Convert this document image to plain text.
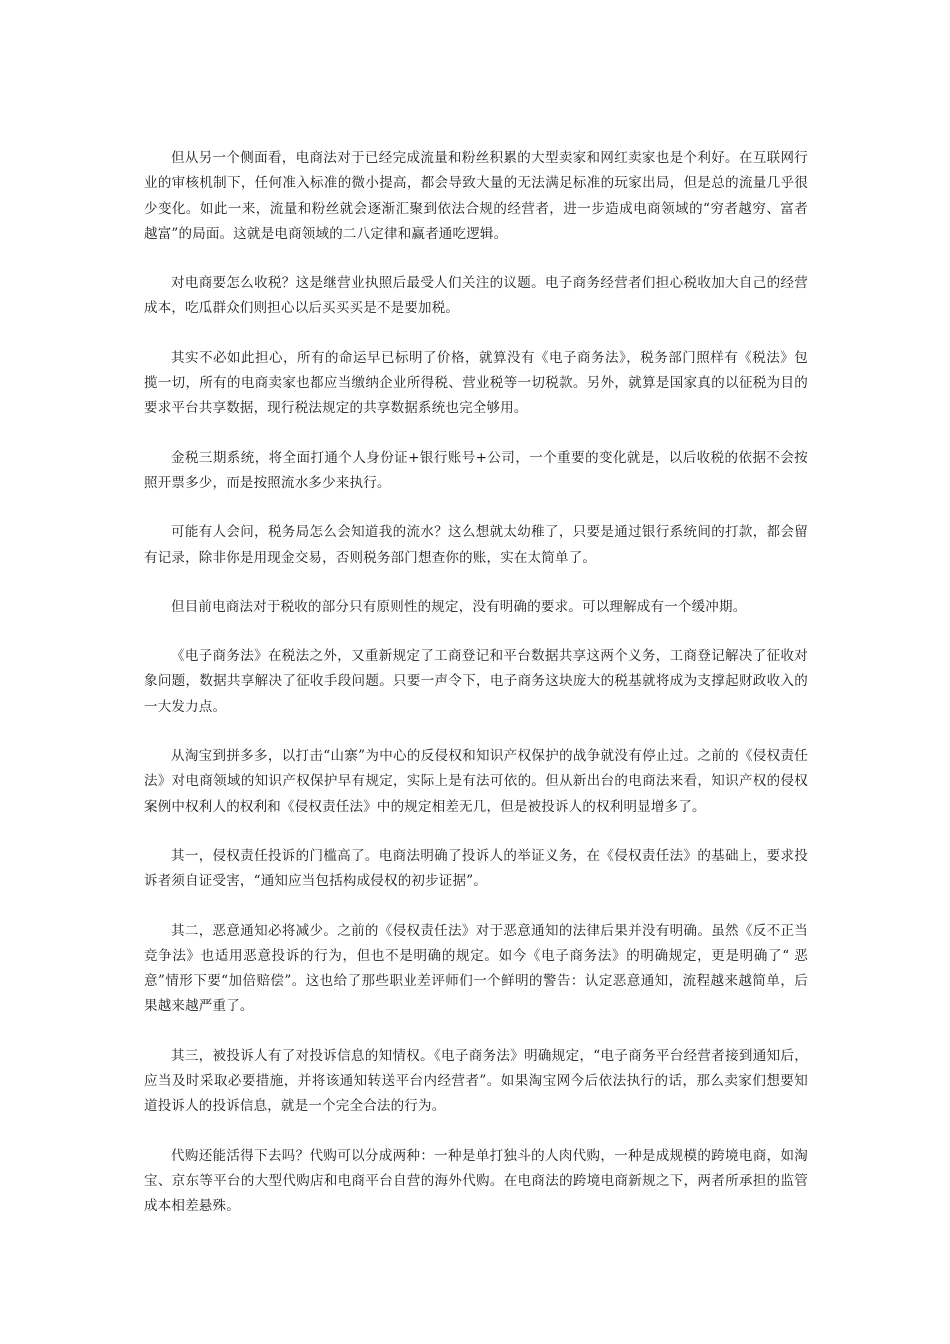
但从另一个侧面看，电商法对于已经完成流量和粉丝积累的大型卖家和网红卖家也是个利好。在互联网行业的审核机制下，任何准入标准的微小提高，都会导致大量的无法满足标准的玩家出局，但是总的流量几乎很少变化。如此一来，流量和粉丝就会逐渐汇聚到依法合规的经营者，进一步造成电商领域的“穷者越穷、富者越富”的局面。这就是电商领域的二八定律和赢者通吃逻辑。

对电商要怎么收税？这是继营业执照后最受人们关注的议题。电子商务经营者们担心税收加大自己的经营成本，吃瓜群众们则担心以后买买买是不是要加税。

其实不必如此担心，所有的命运早已标明了价格，就算没有《电子商务法》，税务部门照样有《税法》包揽一切，所有的电商卖家也都应当缴纳企业所得税、营业税等一切税款。另外，就算是国家真的以征税为目的要求平台共享数据，现行税法规定的共享数据系统也完全够用。

金税三期系统，将全面打通个人身份证+银行账号+公司，一个重要的变化就是，以后收税的依据不会按照开票多少，而是按照流水多少来执行。

可能有人会问，税务局怎么会知道我的流水？这么想就太幼稚了，只要是通过银行系统间的打款，都会留有记录，除非你是用现金交易，否则税务部门想查你的账，实在太简单了。

但目前电商法对于税收的部分只有原则性的规定，没有明确的要求。可以理解成有一个缓冲期。

《电子商务法》在税法之外，又重新规定了工商登记和平台数据共享这两个义务，工商登记解决了征收对象问题，数据共享解决了征收手段问题。只要一声令下，电子商务这块庞大的税基就将成为支撑起财政收入的一大发力点。

从淘宝到拼多多，以打击“山寨”为中心的反侵权和知识产权保护的战争就没有停止过。之前的《侵权责任法》对电商领域的知识产权保护早有规定，实际上是有法可依的。但从新出台的电商法来看，知识产权的侵权案例中权利人的权利和《侵权责任法》中的规定相差无几，但是被投诉人的权利明显增多了。

其一，侵权责任投诉的门槛高了。电商法明确了投诉人的举证义务，在《侵权责任法》的基础上，要求投诉者须自证受害，“通知应当包括构成侵权的初步证据”。

其二，恶意通知必将减少。之前的《侵权责任法》对于恶意通知的法律后果并没有明确。虽然《反不正当竞争法》也适用恶意投诉的行为，但也不是明确的规定。如今《电子商务法》的明确规定，更是明确了“ 恶意”情形下要“加倍赔偿”。这也给了那些职业差评师们一个鲜明的警告：认定恶意通知，流程越来越简单，后果越来越严重了。

其三，被投诉人有了对投诉信息的知情权。《电子商务法》明确规定，“电子商务平台经营者接到通知后，应当及时采取必要措施，并将该通知转送平台内经营者”。如果淘宝网今后依法执行的话，那么卖家们想要知道投诉人的投诉信息，就是一个完全合法的行为。

代购还能活得下去吗？代购可以分成两种：一种是单打独斗的人肉代购，一种是成规模的跨境电商，如淘宝、京东等平台的大型代购店和电商平台自营的海外代购。在电商法的跨境电商新规之下，两者所承担的监管成本相差悬殊。
